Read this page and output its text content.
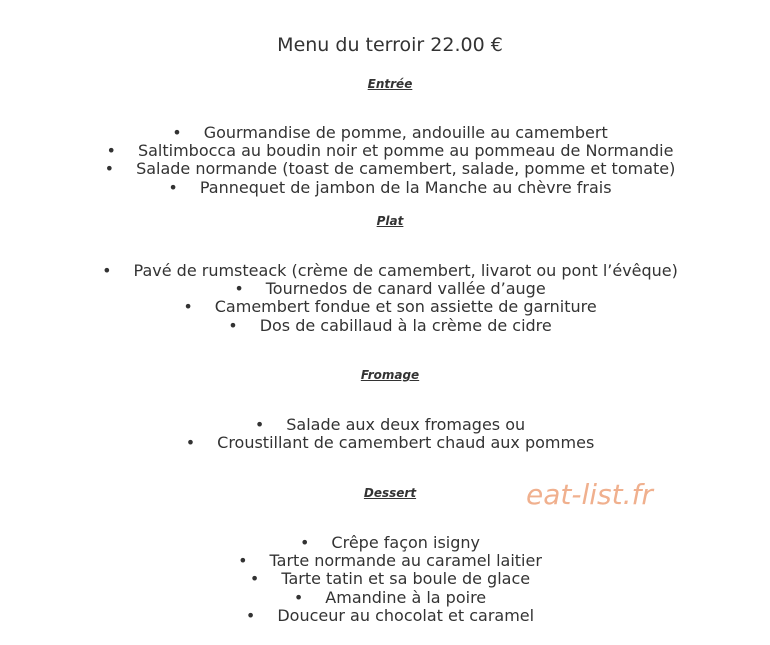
Menu du terroir 22.00 €
Entrée
• Gourmandise de pomme, andouille au camembert
• Saltimbocca au boudin noir et pomme au pommeau de Normandie
• Salade normande (toast de camembert, salade, pomme et tomate)
• Pannequet de jambon de la Manche au chèvre frais
Plat
• Pavé de rumsteack (crème de camembert, livarot ou pont l’évêque)
• Tournedos de canard vallée d’auge
• Camembert fondue et son assiette de garniture
• Dos de cabillaud à la crème de cidre
Fromage
• Salade aux deux fromages ou
• Croustillant de camembert chaud aux pommes
Dessert
• Crêpe façon isigny
• Tarte normande au caramel laitier
• Tarte tatin et sa boule de glace
• Amandine à la poire
• Douceur au chocolat et caramel
eat-list.fr
